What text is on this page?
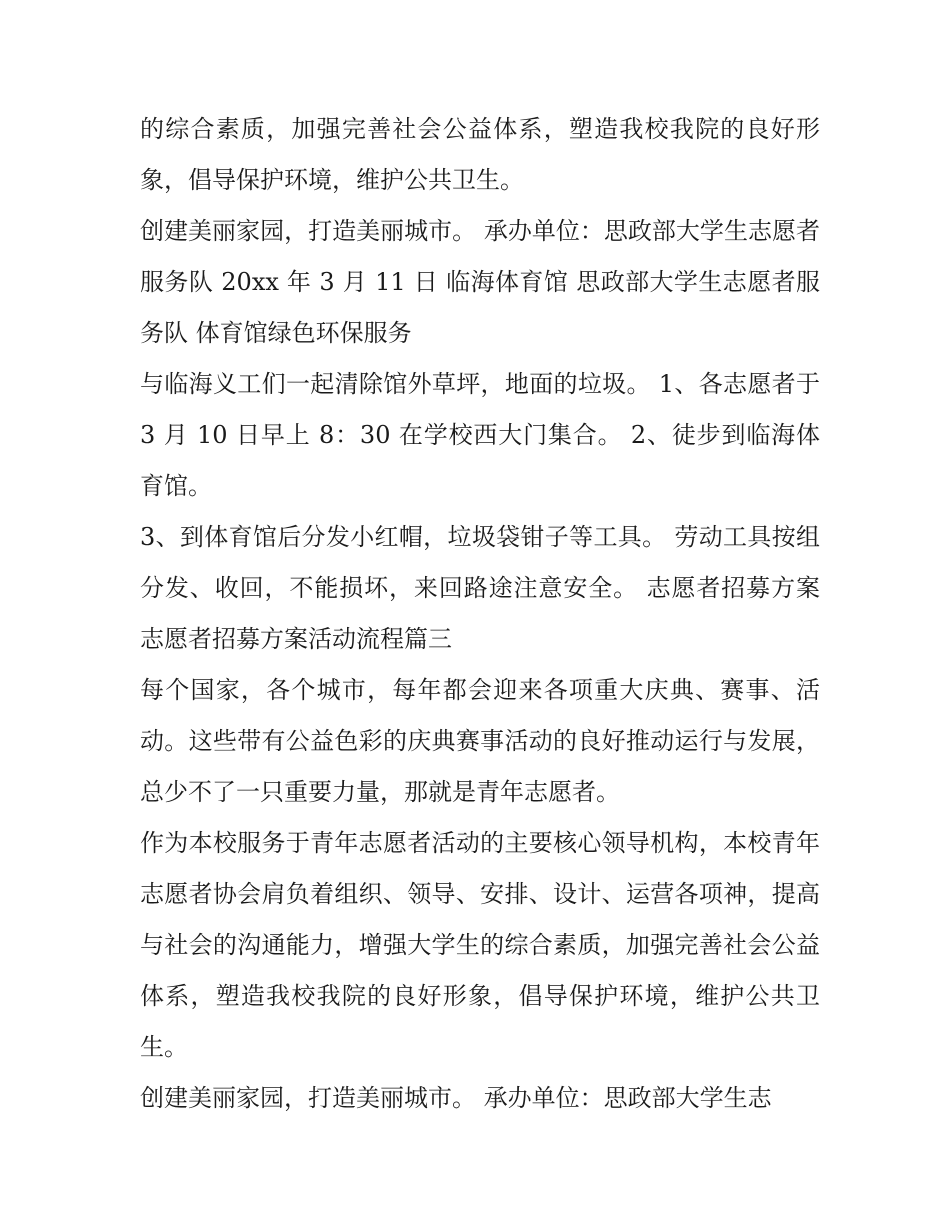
的综合素质，加强完善社会公益体系，塑造我校我院的良好形象，倡导保护环境，维护公共卫生。

创建美丽家园，打造美丽城市。 承办单位：思政部大学生志愿者服务队 20xx 年 3 月 11 日 临海体育馆 思政部大学生志愿者服务队 体育馆绿色环保服务

与临海义工们一起清除馆外草坪，地面的垃圾。 1、各志愿者于 3 月 10 日早上 8：30 在学校西大门集合。 2、徒步到临海体育馆。

3、到体育馆后分发小红帽，垃圾袋钳子等工具。 劳动工具按组分发、收回，不能损坏，来回路途注意安全。 志愿者招募方案 志愿者招募方案活动流程篇三

每个国家，各个城市，每年都会迎来各项重大庆典、赛事、活动。这些带有公益色彩的庆典赛事活动的良好推动运行与发展，总少不了一只重要力量，那就是青年志愿者。

作为本校服务于青年志愿者活动的主要核心领导机构，本校青年志愿者协会肩负着组织、领导、安排、设计、运营各项神，提高与社会的沟通能力，增强大学生的综合素质，加强完善社会公益体系，塑造我校我院的良好形象，倡导保护环境，维护公共卫生。

创建美丽家园，打造美丽城市。 承办单位：思政部大学生志
